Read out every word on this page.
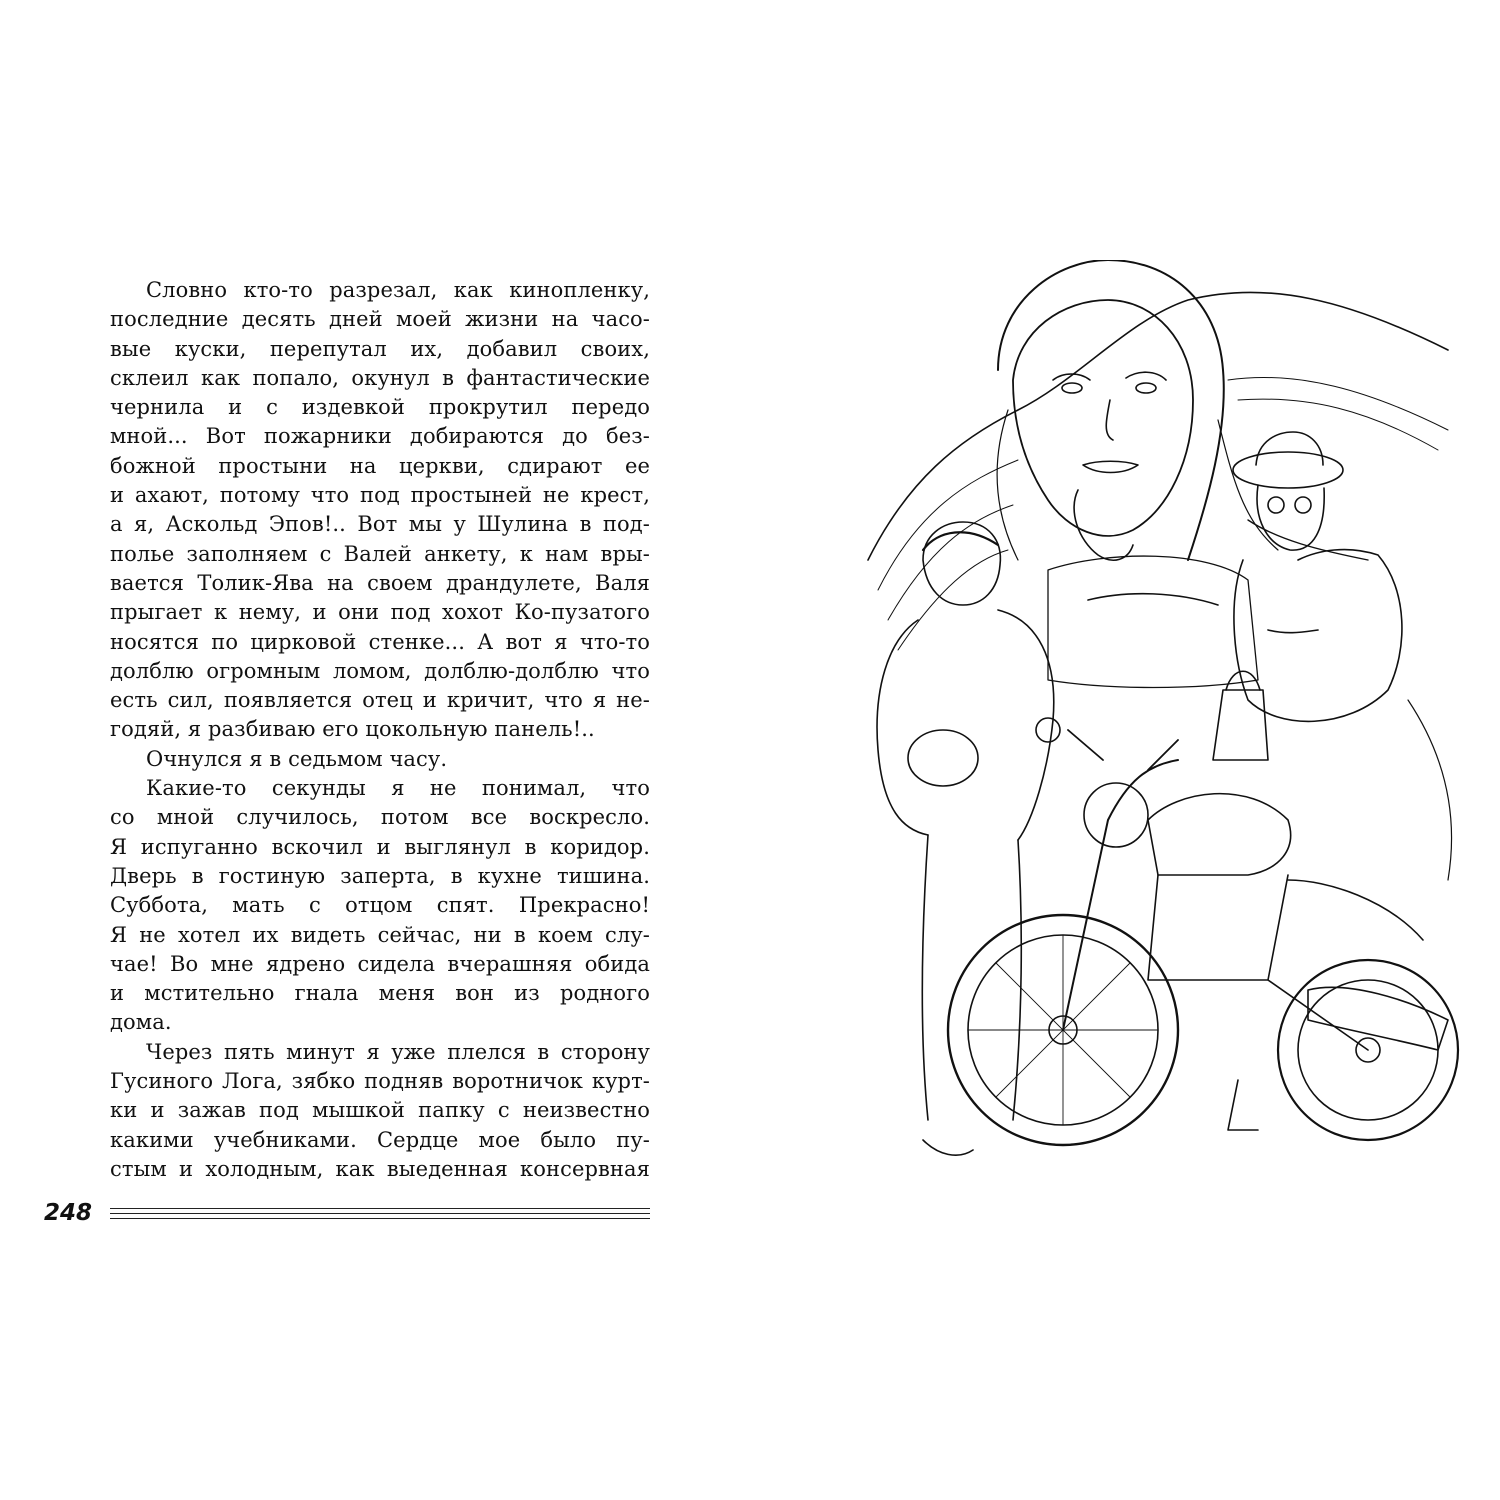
Словно кто-то разрезал, как кинопленку,
последние десять дней моей жизни на часо-
вые куски, перепутал их, добавил своих,
склеил как попало, окунул в фантастические
чернила и с издевкой прокрутил передо
мной... Вот пожарники добираются до без-
божной простыни на церкви, сдирают ее
и ахают, потому что под простыней не крест,
а я, Аскольд Эпов!.. Вот мы у Шулина в под-
полье заполняем с Валей анкету, к нам вры-
вается Толик-Ява на своем драндулете, Валя
прыгает к нему, и они под хохот Ко-пузатого
носятся по цирковой стенке... А вот я что-то
долблю огромным ломом, долблю-долблю что
есть сил, появляется отец и кричит, что я не-
годяй, я разбиваю его цокольную панель!..
Очнулся я в седьмом часу.
Какие-то секунды я не понимал, что
со мной случилось, потом все воскресло.
Я испуганно вскочил и выглянул в коридор.
Дверь в гостиную заперта, в кухне тишина.
Суббота, мать с отцом спят. Прекрасно!
Я не хотел их видеть сейчас, ни в коем слу-
чае! Во мне ядрено сидела вчерашняя обида
и мстительно гнала меня вон из родного
дома.
Через пять минут я уже плелся в сторону
Гусиного Лога, зябко подняв воротничок курт-
ки и зажав под мышкой папку с неизвестно
какими учебниками. Сердце мое было пу-
стым и холодным, как выеденная консервная
248
